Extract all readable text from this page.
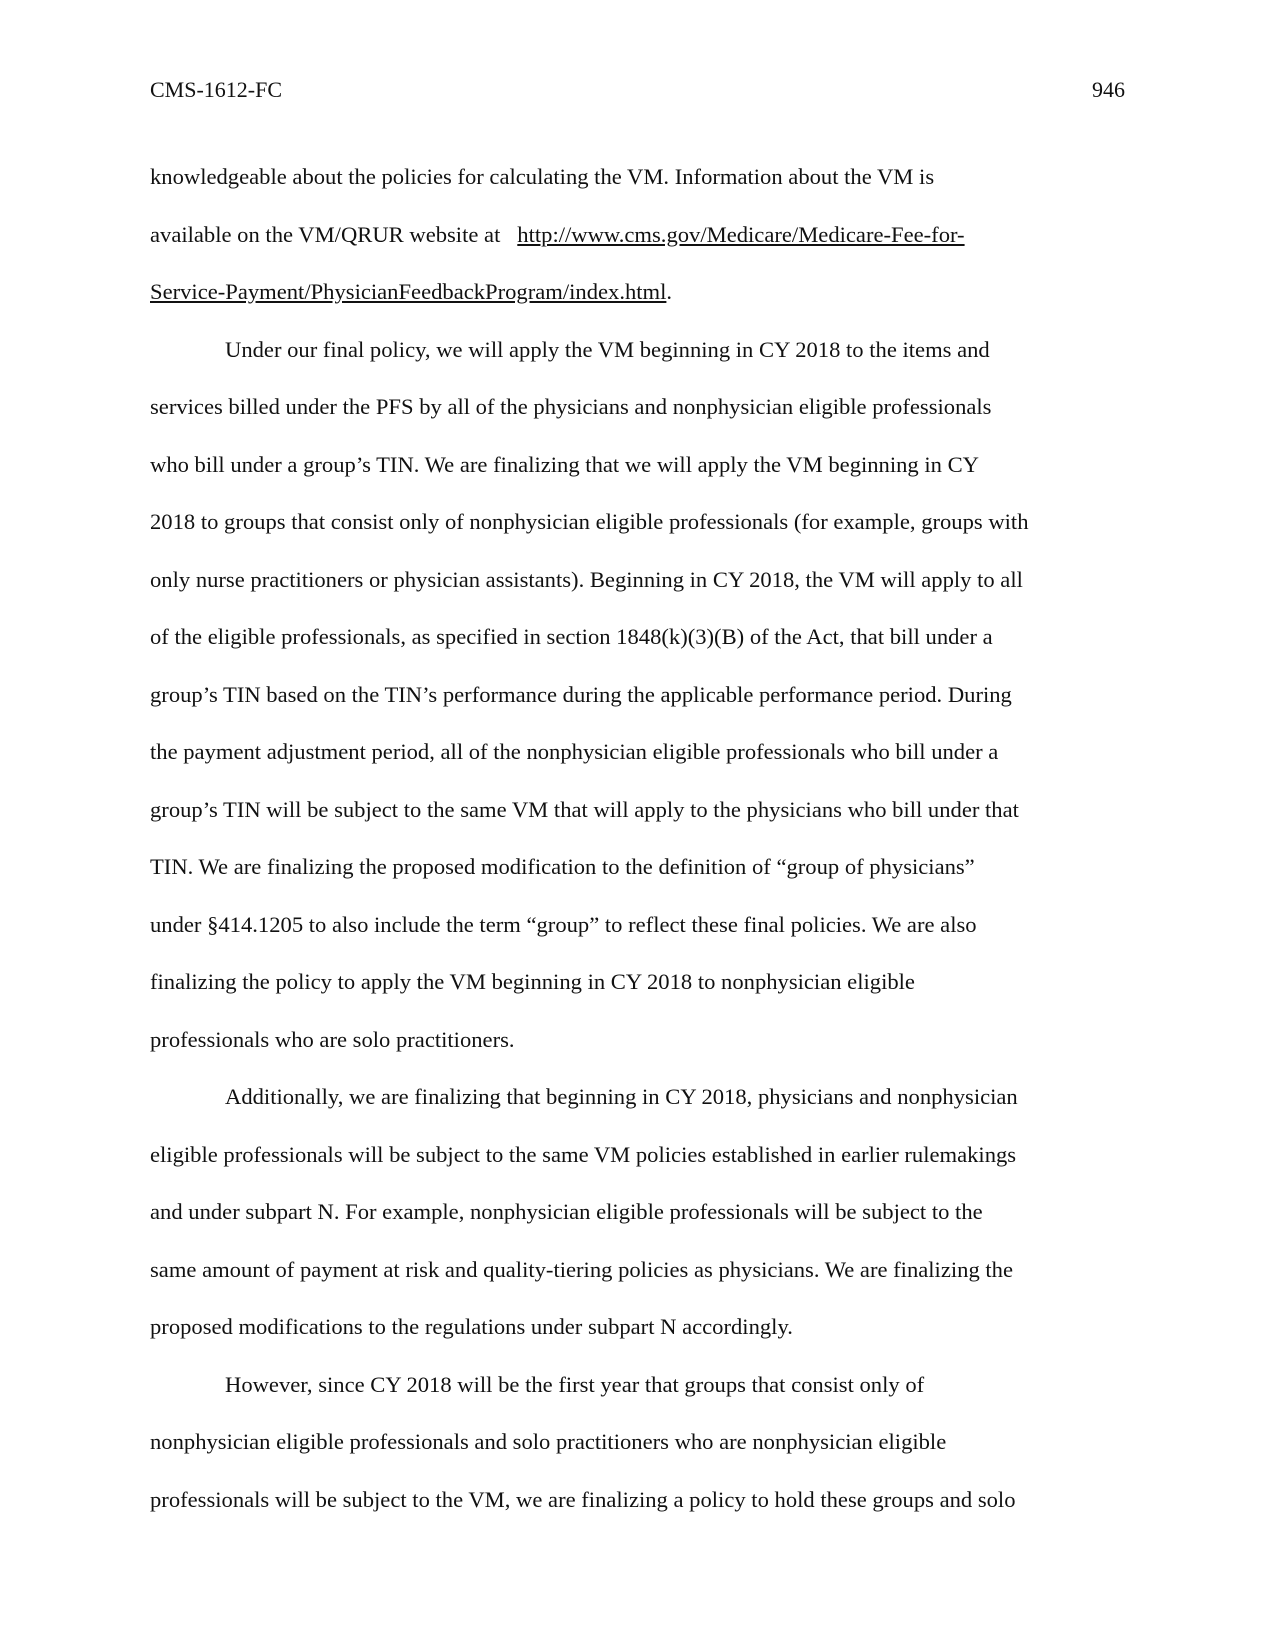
CMS-1612-FC	946
knowledgeable about the policies for calculating the VM. Information about the VM is
available on the VM/QRUR website at   http://www.cms.gov/Medicare/Medicare-Fee-for-
Service-Payment/PhysicianFeedbackProgram/index.html.
Under our final policy, we will apply the VM beginning in CY 2018 to the items and
services billed under the PFS by all of the physicians and nonphysician eligible professionals
who bill under a group’s TIN. We are finalizing that we will apply the VM beginning in CY
2018 to groups that consist only of nonphysician eligible professionals (for example, groups with
only nurse practitioners or physician assistants). Beginning in CY 2018, the VM will apply to all
of the eligible professionals, as specified in section 1848(k)(3)(B) of the Act, that bill under a
group’s TIN based on the TIN’s performance during the applicable performance period. During
the payment adjustment period, all of the nonphysician eligible professionals who bill under a
group’s TIN will be subject to the same VM that will apply to the physicians who bill under that
TIN. We are finalizing the proposed modification to the definition of “group of physicians”
under §414.1205 to also include the term “group” to reflect these final policies. We are also
finalizing the policy to apply the VM beginning in CY 2018 to nonphysician eligible
professionals who are solo practitioners.
Additionally, we are finalizing that beginning in CY 2018, physicians and nonphysician
eligible professionals will be subject to the same VM policies established in earlier rulemakings
and under subpart N. For example, nonphysician eligible professionals will be subject to the
same amount of payment at risk and quality-tiering policies as physicians. We are finalizing the
proposed modifications to the regulations under subpart N accordingly.
However, since CY 2018 will be the first year that groups that consist only of
nonphysician eligible professionals and solo practitioners who are nonphysician eligible
professionals will be subject to the VM, we are finalizing a policy to hold these groups and solo
